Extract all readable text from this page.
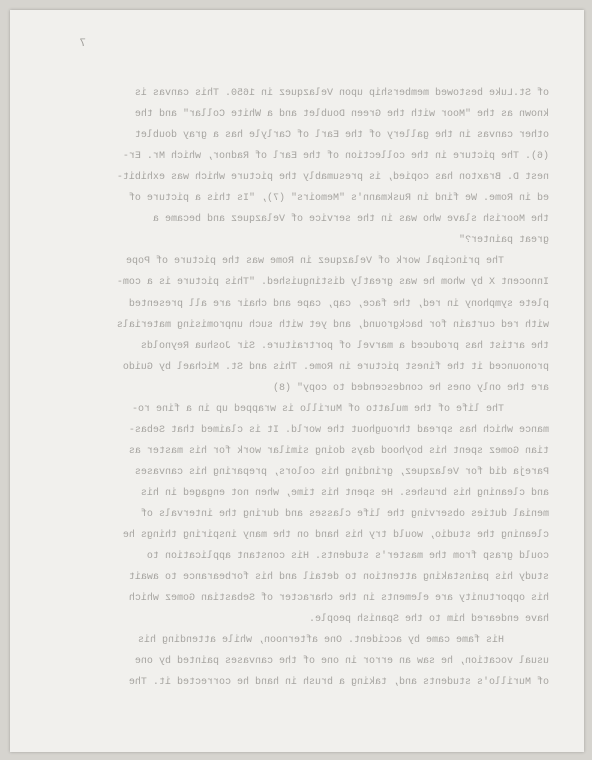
7
of St.Luke bestowed membership upon Velazquez in 1650. This canvas is
known as the "Moor with the Green Doublet and a White Collar" and the
other canvas in the gallery of the Earl of Carlyle has a gray doublet
(6). The picture in the collection of the Earl of Radnor, which Mr. Er-
nest D. Braxton has copied, is presumably the picture which was exhibit-
ed in Rome. We find in Ruskmann's "Memoirs" (7), "Is this a picture of
the Moorish slave who was in the service of Velazquez and became a
great painter?"
The principal work of Velazquez in Rome was the picture of Pope
Innocent X by whom he was greatly distinguished. "This picture is a com-
plete symphony in red, the face, cap, cape and chair are all presented
with red curtain for background, and yet with such unpromising materials
the artist has produced a marvel of portraiture. Sir Joshua Reynolds
pronounced it the finest picture in Rome. This and St. Michael by Guido
are the only ones he condescended to copy" (8)
The life of the mulatto of Murillo is wrapped up in a fine ro-
mance which has spread throughout the world. It is claimed that Sebas-
tian Gomez spent his boyhood days doing similar work for his master as
Pareja did for Velazquez, grinding his colors, preparing his canvases
and cleaning his brushes. He spent his time, when not engaged in his
menial duties observing the life classes and during the intervals of
cleaning the studio, would try his hand on the many inspiring things he
could grasp from the master's students. His constant application to
study his painstaking attention to detail and his forbearance to await
his opportunity are elements in the character of Sebastian Gomez which
have endeared him to the Spanish people.
His fame came by accident. One afternoon, while attending his
usual vocation, he saw an error in one of the canvases painted by one
of Murillo's students and, taking a brush in hand he corrected it. The
